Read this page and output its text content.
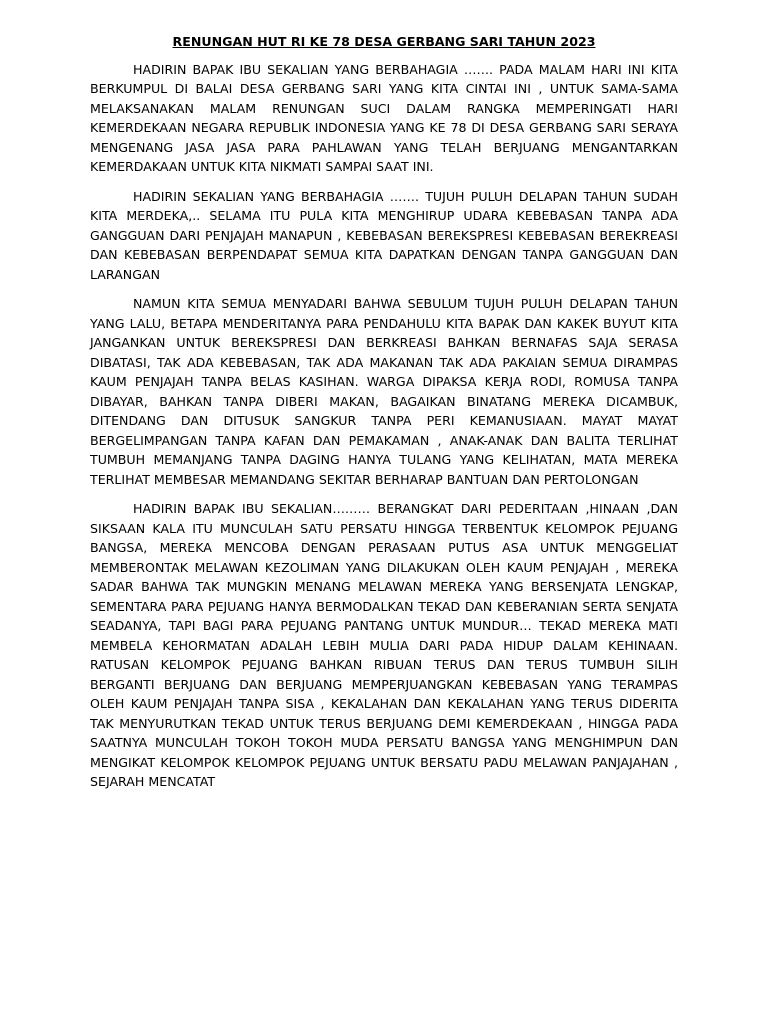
RENUNGAN HUT RI KE 78 DESA GERBANG SARI TAHUN 2023

HADIRIN BAPAK IBU SEKALIAN YANG BERBAHAGIA ……. PADA MALAM HARI INI KITA BERKUMPUL DI BALAI DESA GERBANG SARI YANG KITA CINTAI INI , UNTUK SAMA-SAMA MELAKSANAKAN MALAM RENUNGAN SUCI DALAM RANGKA MEMPERINGATI HARI KEMERDEKAAN NEGARA REPUBLIK INDONESIA YANG KE 78 DI DESA GERBANG SARI SERAYA MENGENANG JASA JASA PARA PAHLAWAN YANG TELAH BERJUANG MENGANTARKAN KEMERDAKAAN UNTUK KITA NIKMATI SAMPAI SAAT INI.

HADIRIN SEKALIAN YANG BERBAHAGIA ……. TUJUH PULUH DELAPAN TAHUN SUDAH KITA MERDEKA,.. SELAMA ITU PULA KITA MENGHIRUP UDARA KEBEBASAN TANPA ADA GANGGUAN DARI PENJAJAH MANAPUN , KEBEBASAN BEREKSPRESI KEBEBASAN BEREKREASI DAN KEBEBASAN BERPENDAPAT SEMUA KITA DAPATKAN DENGAN TANPA GANGGUAN DAN LARANGAN

NAMUN KITA SEMUA MENYADARI BAHWA SEBULUM TUJUH PULUH DELAPAN TAHUN YANG LALU, BETAPA MENDERITANYA PARA PENDAHULU KITA BAPAK DAN KAKEK BUYUT KITA JANGANKAN UNTUK BEREKSPRESI DAN BERKREASI BAHKAN BERNAFAS SAJA SERASA DIBATASI, TAK ADA KEBEBASAN, TAK ADA MAKANAN TAK ADA PAKAIAN SEMUA DIRAMPAS KAUM PENJAJAH TANPA BELAS KASIHAN. WARGA DIPAKSA KERJA RODI, ROMUSA TANPA DIBAYAR, BAHKAN TANPA DIBERI MAKAN, BAGAIKAN BINATANG MEREKA DICAMBUK, DITENDANG DAN DITUSUK SANGKUR TANPA PERI KEMANUSIAAN. MAYAT MAYAT BERGELIMPANGAN TANPA KAFAN DAN PEMAKAMAN , ANAK-ANAK DAN BALITA TERLIHAT TUMBUH MEMANJANG TANPA DAGING HANYA TULANG YANG KELIHATAN, MATA MEREKA TERLIHAT MEMBESAR MEMANDANG SEKITAR BERHARAP BANTUAN DAN PERTOLONGAN

HADIRIN BAPAK IBU SEKALIAN……… BERANGKAT DARI PEDERITAAN ,HINAAN ,DAN SIKSAAN KALA ITU MUNCULAH SATU PERSATU HINGGA TERBENTUK KELOMPOK PEJUANG BANGSA, MEREKA MENCOBA DENGAN PERASAAN PUTUS ASA UNTUK MENGGELIAT MEMBERONTAK MELAWAN KEZOLIMAN YANG DILAKUKAN OLEH KAUM PENJAJAH , MEREKA SADAR BAHWA TAK MUNGKIN MENANG MELAWAN MEREKA YANG BERSENJATA LENGKAP, SEMENTARA PARA PEJUANG HANYA BERMODALKAN TEKAD DAN KEBERANIAN SERTA SENJATA SEADANYA, TAPI BAGI PARA PEJUANG PANTANG UNTUK MUNDUR… TEKAD MEREKA MATI MEMBELA KEHORMATAN ADALAH LEBIH MULIA DARI PADA HIDUP DALAM KEHINAAN. RATUSAN KELOMPOK PEJUANG BAHKAN RIBUAN TERUS DAN TERUS TUMBUH SILIH BERGANTI BERJUANG DAN BERJUANG MEMPERJUANGKAN KEBEBASAN YANG TERAMPAS OLEH KAUM PENJAJAH TANPA SISA , KEKALAHAN DAN KEKALAHAN YANG TERUS DIDERITA TAK MENYURUTKAN TEKAD UNTUK TERUS BERJUANG DEMI KEMERDEKAAN , HINGGA PADA SAATNYA MUNCULAH TOKOH TOKOH MUDA PERSATU BANGSA YANG MENGHIMPUN DAN MENGIKAT KELOMPOK KELOMPOK PEJUANG UNTUK BERSATU PADU MELAWAN PANJAJAHAN , SEJARAH MENCATAT
